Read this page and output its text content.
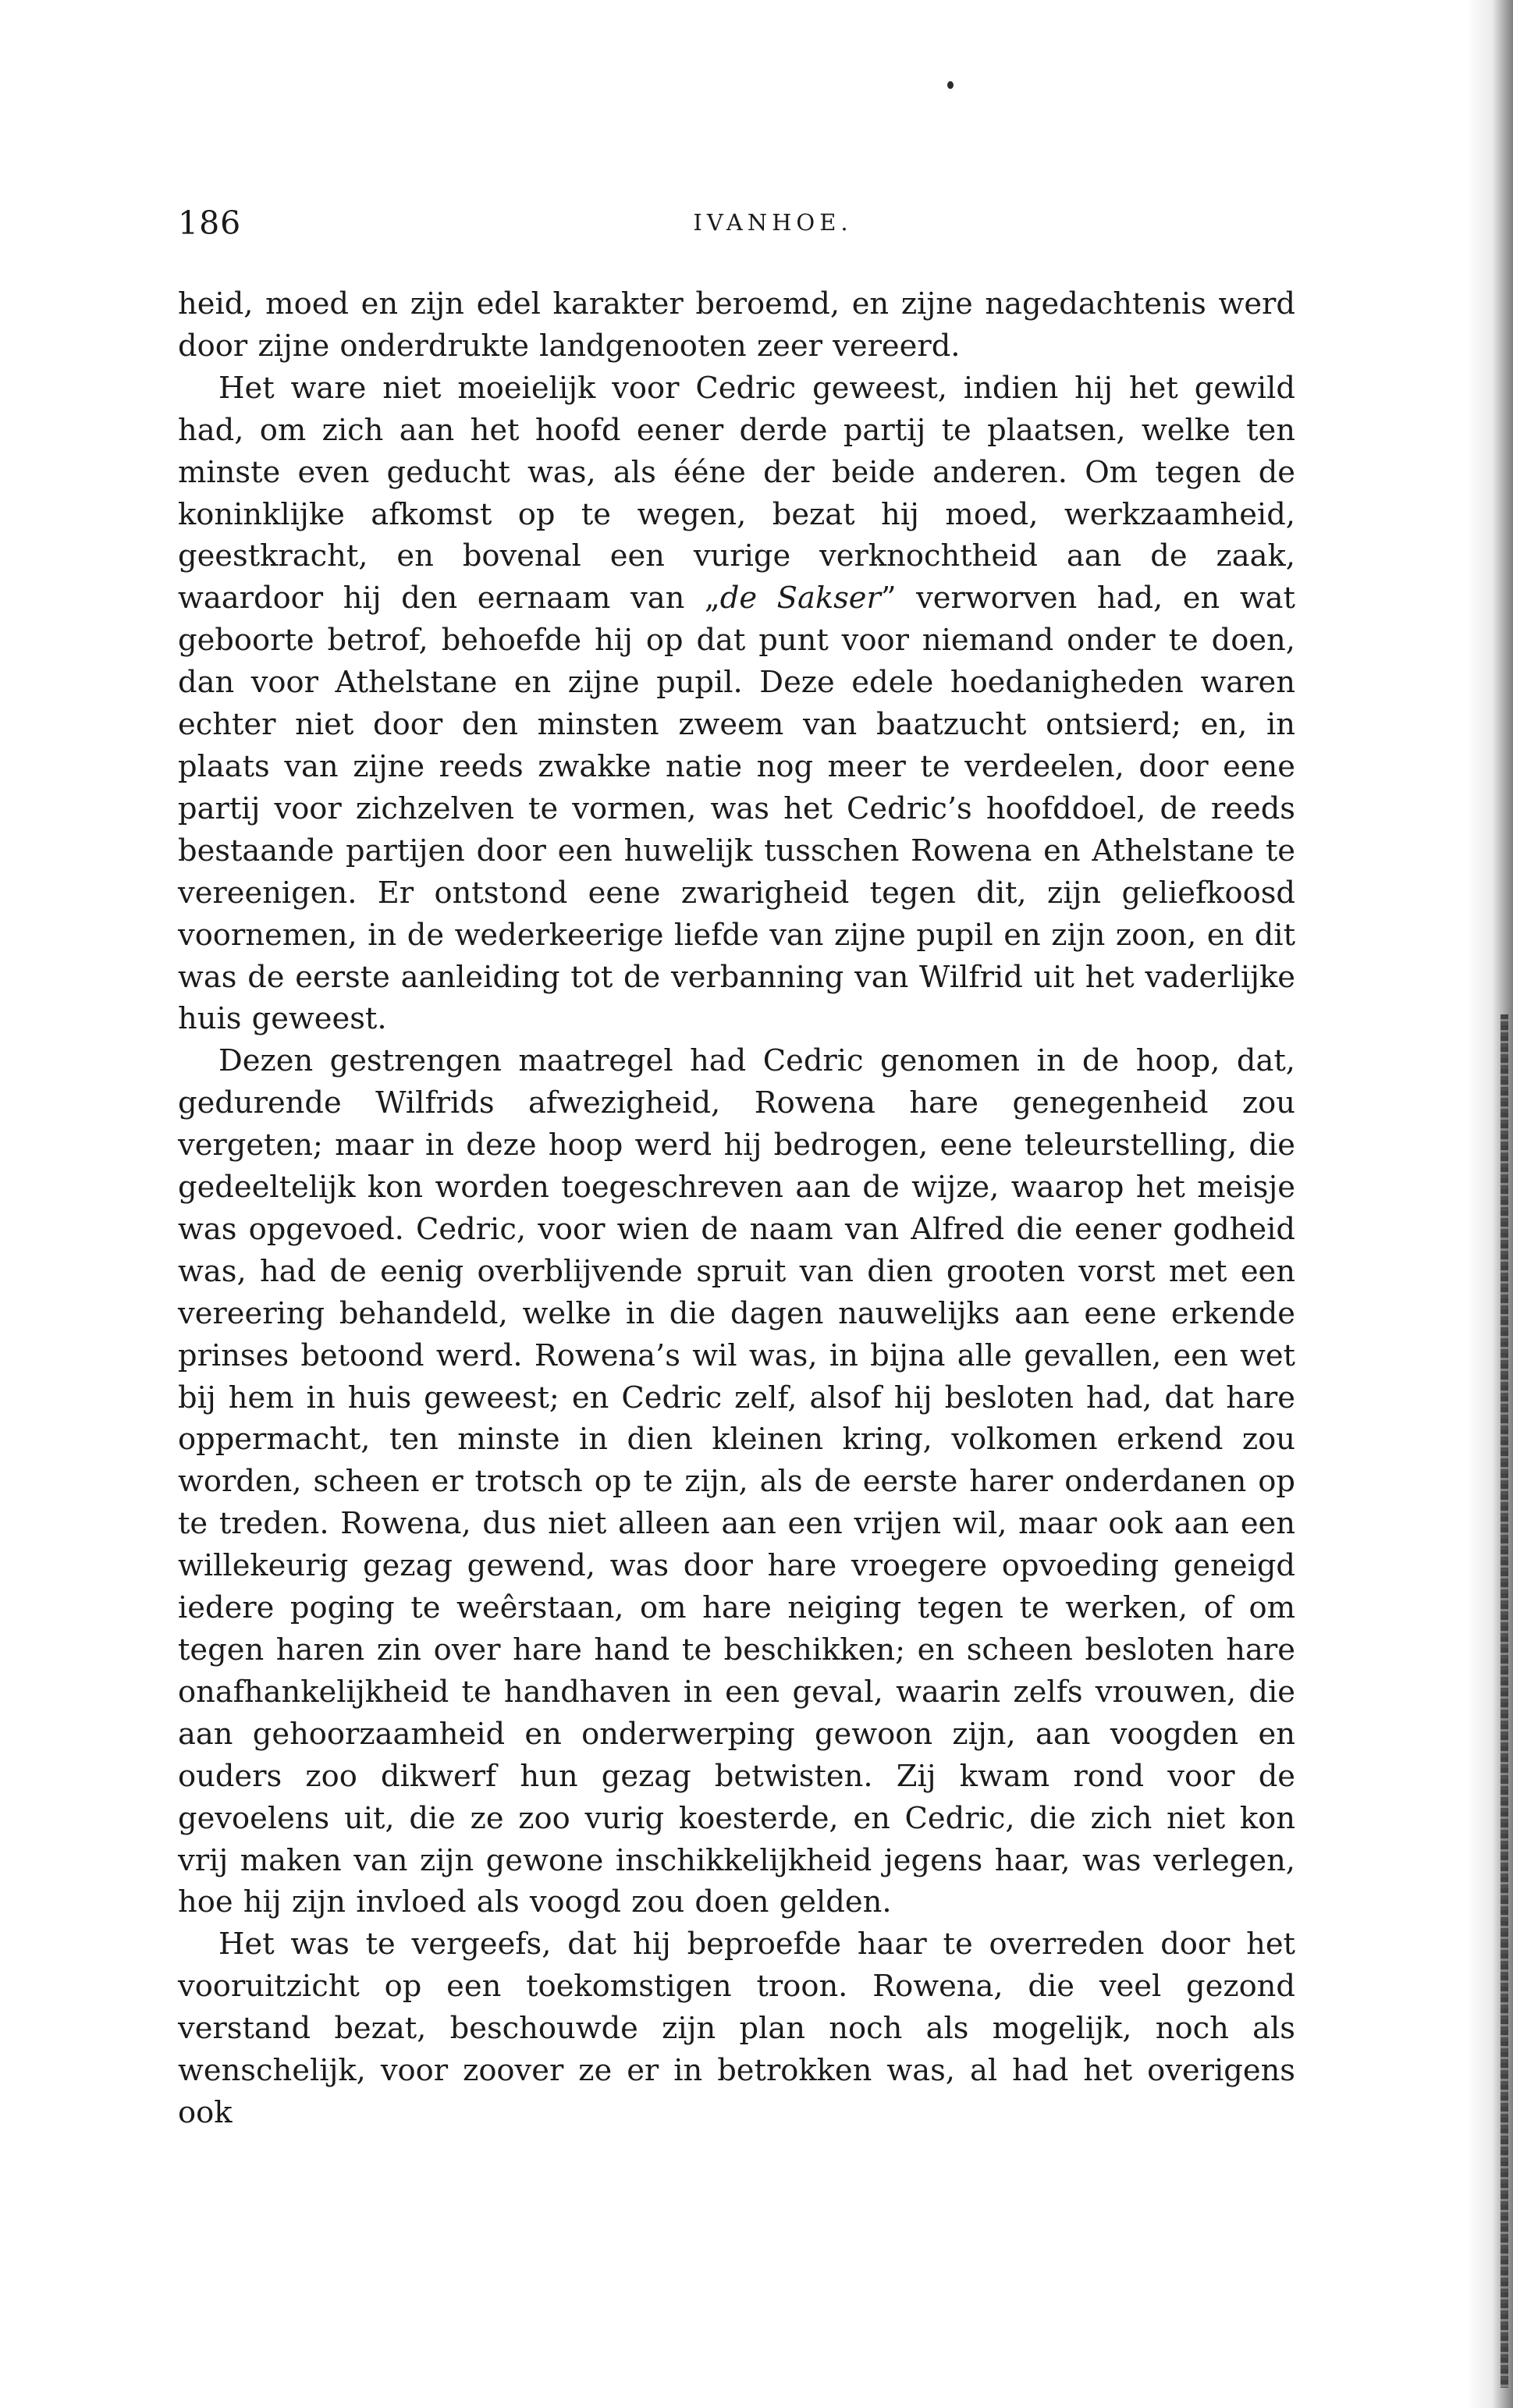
186	IVANHOE.

heid, moed en zijn edel karakter beroemd, en zijne nagedachtenis werd door zijne onderdrukte landgenooten zeer vereerd.

Het ware niet moeielijk voor Cedric geweest, indien hij het gewild had, om zich aan het hoofd eener derde partij te plaatsen, welke ten minste even geducht was, als ééne der beide anderen. Om tegen de koninklijke afkomst op te wegen, bezat hij moed, werkzaamheid, geestkracht, en bovenal een vurige verknochtheid aan de zaak, waardoor hij den eernaam van „de Sakser” verworven had, en wat geboorte betrof, behoefde hij op dat punt voor niemand onder te doen, dan voor Athelstane en zijne pupil. Deze edele hoedanigheden waren echter niet door den minsten zweem van baatzucht ontsierd; en, in plaats van zijne reeds zwakke natie nog meer te verdeelen, door eene partij voor zichzelven te vormen, was het Cedric’s hoofddoel, de reeds bestaande partijen door een huwelijk tusschen Rowena en Athelstane te vereenigen. Er ontstond eene zwarigheid tegen dit, zijn geliefkoosd voornemen, in de wederkeerige liefde van zijne pupil en zijn zoon, en dit was de eerste aanleiding tot de verbanning van Wilfrid uit het vaderlijke huis geweest.

Dezen gestrengen maatregel had Cedric genomen in de hoop, dat, gedurende Wilfrids afwezigheid, Rowena hare genegenheid zou vergeten; maar in deze hoop werd hij bedrogen, eene teleurstelling, die gedeeltelijk kon worden toegeschreven aan de wijze, waarop het meisje was opgevoed. Cedric, voor wien de naam van Alfred die eener godheid was, had de eenig overblijvende spruit van dien grooten vorst met een vereering behandeld, welke in die dagen nauwelijks aan eene erkende prinses betoond werd. Rowena’s wil was, in bijna alle gevallen, een wet bij hem in huis geweest; en Cedric zelf, alsof hij besloten had, dat hare oppermacht, ten minste in dien kleinen kring, volkomen erkend zou worden, scheen er trotsch op te zijn, als de eerste harer onderdanen op te treden. Rowena, dus niet alleen aan een vrijen wil, maar ook aan een willekeurig gezag gewend, was door hare vroegere opvoeding geneigd iedere poging te weêrstaan, om hare neiging tegen te werken, of om tegen haren zin over hare hand te beschikken; en scheen besloten hare onafhankelijkheid te handhaven in een geval, waarin zelfs vrouwen, die aan gehoorzaamheid en onderwerping gewoon zijn, aan voogden en ouders zoo dikwerf hun gezag betwisten. Zij kwam rond voor de gevoelens uit, die ze zoo vurig koesterde, en Cedric, die zich niet kon vrij maken van zijn gewone inschikkelijkheid jegens haar, was verlegen, hoe hij zijn invloed als voogd zou doen gelden.

Het was te vergeefs, dat hij beproefde haar te overreden door het vooruitzicht op een toekomstigen troon. Rowena, die veel gezond verstand bezat, beschouwde zijn plan noch als mogelijk, noch als wenschelijk, voor zoover ze er in betrokken was, al had het overigens ook
